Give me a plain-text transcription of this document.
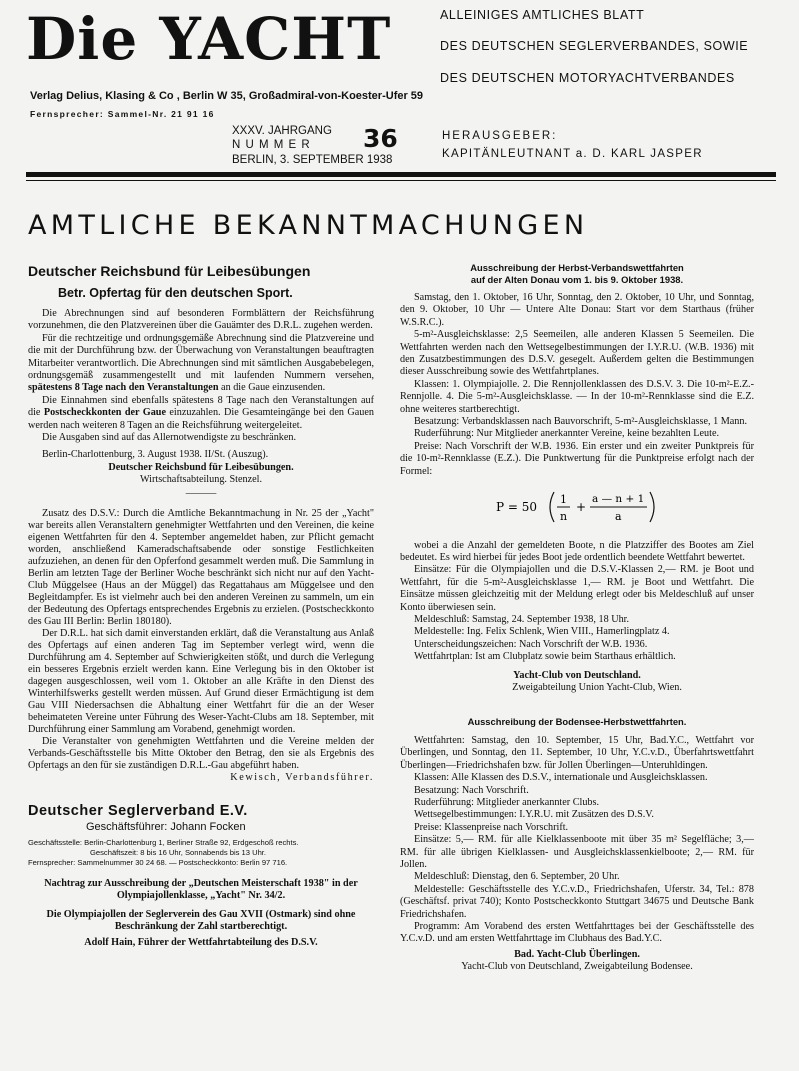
Die YACHT	ALLEINIGES AMTLICHES BLATT
DES DEUTSCHEN SEGLERVERBANDES, SOWIE
DES DEUTSCHEN MOTORYACHTVERBANDES
Verlag Delius, Klasing & Co , Berlin W 35, Großadmiral-von-Koester-Ufer 59
Fernsprecher: Sammel-Nr. 21 91 16
XXXV. JAHRGANG
N U M M E R 36
BERLIN, 3. SEPTEMBER 1938
HERAUSGEBER:
KAPITÄNLEUTNANT a. D. KARL JASPER
AMTLICHE BEKANNTMACHUNGEN
Deutscher Reichsbund für Leibesübungen
Betr. Opfertag für den deutschen Sport.

Die Abrechnungen sind auf besonderen Formblättern der Reichsführung vorzunehmen, die den Platzvereinen über die Gauämter des D.R.L. zugehen werden.

Für die rechtzeitige und ordnungsgemäße Abrechnung sind die Platzvereine und die mit der Durchführung bzw. der Überwachung von Veranstaltungen beauftragten Mitarbeiter verantwortlich. Die Abrechnungen sind mit sämtlichen Ausgabebelegen, ordnungsgemäß zusammengestellt und mit laufenden Nummern versehen, spätestens 8 Tage nach den Veranstaltungen an die Gaue einzusenden.

Die Einnahmen sind ebenfalls spätestens 8 Tage nach den Veranstaltungen auf die Postscheckkonten der Gaue einzuzahlen. Die Gesamteingänge bei den Gauen werden nach weiteren 8 Tagen an die Reichsführung weitergeleitet.

Die Ausgaben sind auf das Allernotwendigste zu beschränken.

Berlin-Charlottenburg, 3. August 1938. II/St. (Auszug).

Deutscher Reichsbund für Leibesübungen.

Wirtschaftsabteilung. Stenzel.

———

Zusatz des D.S.V.: Durch die Amtliche Bekanntmachung in Nr. 25 der „Yacht" war bereits allen Veranstaltern genehmigter Wettfahrten und den Vereinen, die keine eigenen Wettfahrten für den 4. September angemeldet haben, zur Pflicht gemacht worden, anschließend Kameradschaftsabende oder sonstige Festlichkeiten aufzuziehen, an denen für den Opferfond gesammelt werden muß. Die Sammlung in Berlin am letzten Tage der Berliner Woche beschränkt sich nicht nur auf den Yacht-Club Müggelsee (Haus an der Müggel) das Regattahaus am Müggelsee und den Begleitdampfer. Es ist vielmehr auch bei den anderen Vereinen zu sammeln, um ein der Bedeutung des Opfertags entsprechendes Ergebnis zu erzielen. (Postscheckkonto des Gau III Berlin: Berlin 180180).

Der D.R.L. hat sich damit einverstanden erklärt, daß die Veranstaltung aus Anlaß des Opfertags auf einen anderen Tag im September verlegt wird, wenn die Durchführung am 4. September auf Schwierigkeiten stößt, und durch die Verlegung ein besseres Ergebnis erzielt werden kann. Eine Verlegung bis in den Oktober ist dagegen ausgeschlossen, weil vom 1. Oktober an alle Kräfte in den Dienst des Winterhilfswerks gestellt werden müssen. Auf Grund dieser Ermächtigung ist dem Gau VIII Niedersachsen die Abhaltung einer Wettfahrt für die an der Weser beheimateten Vereine unter Führung des Weser-Yacht-Clubs am 18. September, mit Durchführung einer Sammlung am Vorabend, genehmigt worden.

Die Veranstalter von genehmigten Wettfahrten und die Vereine melden der Verbands-Geschäftsstelle bis Mitte Oktober den Betrag, den sie als Ergebnis des Opfertags an den für sie zuständigen D.R.L.-Gau abgeführt haben.

Kewisch, Verbandsführer.

Deutscher Seglerverband E.V.
Geschäftsführer: Johann Focken
Geschäftsstelle: Berlin-Charlottenburg 1, Berliner Straße 92, Erdgeschoß rechts.
Geschäftszeit: 8 bis 16 Uhr, Sonnabends bis 13 Uhr.
Fernsprecher: Sammelnummer 30 24 68. — Postscheckkonto: Berlin 97 716.

Nachtrag zur Ausschreibung der „Deutschen Meisterschaft 1938" in der Olympiajollenklasse, „Yacht" Nr. 34/2.

Die Olympiajollen der Seglerverein des Gau XVII (Ostmark) sind ohne Beschränkung der Zahl startberechtigt.

Adolf Hain, Führer der Wettfahrtabteilung des D.S.V.

Ausschreibung der Herbst-Verbandswettfahrten
auf der Alten Donau vom 1. bis 9. Oktober 1938.

Samstag, den 1. Oktober, 16 Uhr, Sonntag, den 2. Oktober, 10 Uhr, und Sonntag, den 9. Oktober, 10 Uhr — Untere Alte Donau: Start vor dem Starthaus (früher W.S.R.C.).

5-m²-Ausgleichsklasse: 2,5 Seemeilen, alle anderen Klassen 5 Seemeilen. Die Wettfahrten werden nach den Wettsegelbestimmungen der I.Y.R.U. (W.B. 1936) mit den Zusatzbestimmungen des D.S.V. gesegelt. Außerdem gelten die Bestimmungen dieser Ausschreibung sowie des Wettfahrtplanes.

Klassen: 1. Olympiajolle. 2. Die Rennjollenklassen des D.S.V. 3. Die 10-m²-E.Z.-Rennjolle. 4. Die 5-m²-Ausgleichsklasse. — In der 10-m²-Rennklasse sind die E.Z. ohne weiteres startberechtigt.

Besatzung: Verbandsklassen nach Bauvorschrift, 5-m²-Ausgleichsklasse, 1 Mann.

Ruderführung: Nur Mitglieder anerkannter Vereine, keine bezahlten Leute.

Preise: Nach Vorschrift der W.B. 1936. Ein erster und ein zweiter Punktpreis für die 10-m²-Rennklasse (E.Z.). Die Punktwertung für die Punktpreise erfolgt nach der Formel:

P = 50
1
n
+
a — n + 1
a

wobei a die Anzahl der gemeldeten Boote, n die Platzziffer des Bootes am Ziel bedeutet. Es wird hierbei für jedes Boot jede ordentlich beendete Wettfahrt bewertet.

Einsätze: Für die Olympiajollen und die D.S.V.-Klassen 2,— RM. je Boot und Wettfahrt, für die 5-m²-Ausgleichsklasse 1,— RM. je Boot und Wettfahrt. Die Einsätze müssen gleichzeitig mit der Meldung erlegt oder bis Meldeschluß auf unser Konto überwiesen sein.

Meldeschluß: Samstag, 24. September 1938, 18 Uhr.

Meldestelle: Ing. Felix Schlenk, Wien VIII., Hamerlingplatz 4.

Unterscheidungszeichen: Nach Vorschrift der W.B. 1936.

Wettfahrtplan: Ist am Clubplatz sowie beim Starthaus erhältlich.

Yacht-Club von Deutschland.

Zweigabteilung Union Yacht-Club, Wien.

Ausschreibung der Bodensee-Herbstwettfahrten.

Wettfahrten: Samstag, den 10. September, 15 Uhr, Bad.Y.C., Wettfahrt vor Überlingen, und Sonntag, den 11. September, 10 Uhr, Y.C.v.D., Überfahrtswettfahrt Überlingen—Friedrichshafen bzw. für Jollen Überlingen—Unteruhldingen.

Klassen: Alle Klassen des D.S.V., internationale und Ausgleichsklassen.

Besatzung: Nach Vorschrift.

Ruderführung: Mitglieder anerkannter Clubs.

Wettsegelbestimmungen: I.Y.R.U. mit Zusätzen des D.S.V.

Preise: Klassenpreise nach Vorschrift.

Einsätze: 5,— RM. für alle Kielklassenboote mit über 35 m² Segelfläche; 3,— RM. für alle übrigen Kielklassen- und Ausgleichsklassenkielboote; 2,— RM. für Jollen.

Meldeschluß: Dienstag, den 6. September, 20 Uhr.

Meldestelle: Geschäftsstelle des Y.C.v.D., Friedrichshafen, Uferstr. 34, Tel.: 878 (Geschäftsf. privat 740); Konto Postscheckkonto Stuttgart 34675 und Deutsche Bank Friedrichshafen.

Programm: Am Vorabend des ersten Wettfahrttages bei der Geschäftsstelle des Y.C.v.D. und am ersten Wettfahrttage im Clubhaus des Bad.Y.C.

Bad. Yacht-Club Überlingen.

Yacht-Club von Deutschland, Zweigabteilung Bodensee.
